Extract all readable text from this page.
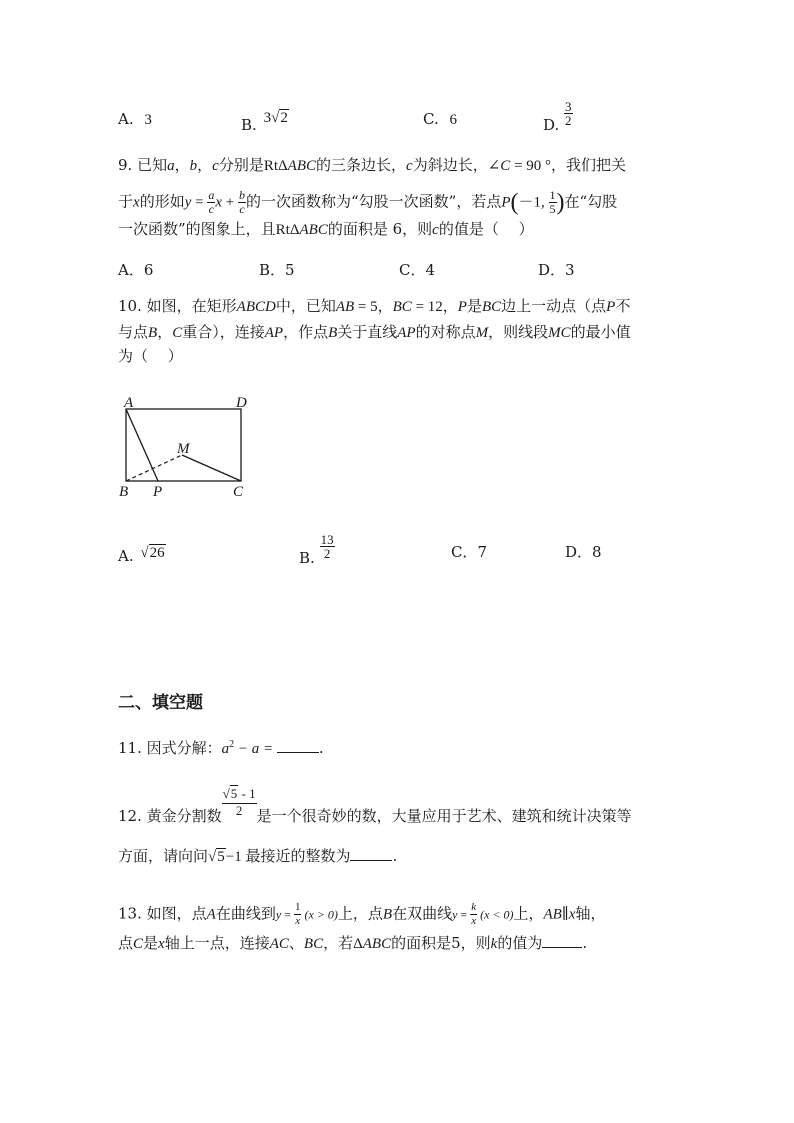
A. 3	B. 3√2	C. 6	D. $\frac{3}{2}$
9. 已知a，b，c分别是RtΔABC的三条边长，c为斜边长，∠C = 90 °，我们把关
于x的形如$y = \frac{a}{c}$ $x + \frac{b}{c}$ 的一次函数称为“勾股一次函数”，若点P(－1, $\frac{1}{5}$ )在“勾股
一次函数”的图象上，且RtΔABC的面积是 6，则c的值是（　 ）
A．6	B．5	C．4	D．3
10. 如图，在矩形ABCD中，已知AB = 5，BC = 12，P是BC边上一动点（点P不
与点B，C重合），连接AP，作点B关于直线AP的对称点M，则线段MC的最小值
为（　 ）
A	D
M
B P	C
A. √26	B. $\frac{13}{2}$	C．7	D．8
二、填空题
11. 因式分解：$a^2 - a$ =	.
12. 黄金分割数 $\frac{√5 - 1}{2}$ 是一个很奇妙的数，大量应用于艺术、建筑和统计决策等
方面，请向问√5−1 最接近的整数为	.
13. 如图，点A在曲线到$y = \frac{1}{x} (x > 0)$上，点B在双曲线$y = \frac{k}{x} (x < 0)$上，AB∥x轴，
点C是x轴上一点，连接AC、BC，若ΔABC的面积是5，则k的值为	.
